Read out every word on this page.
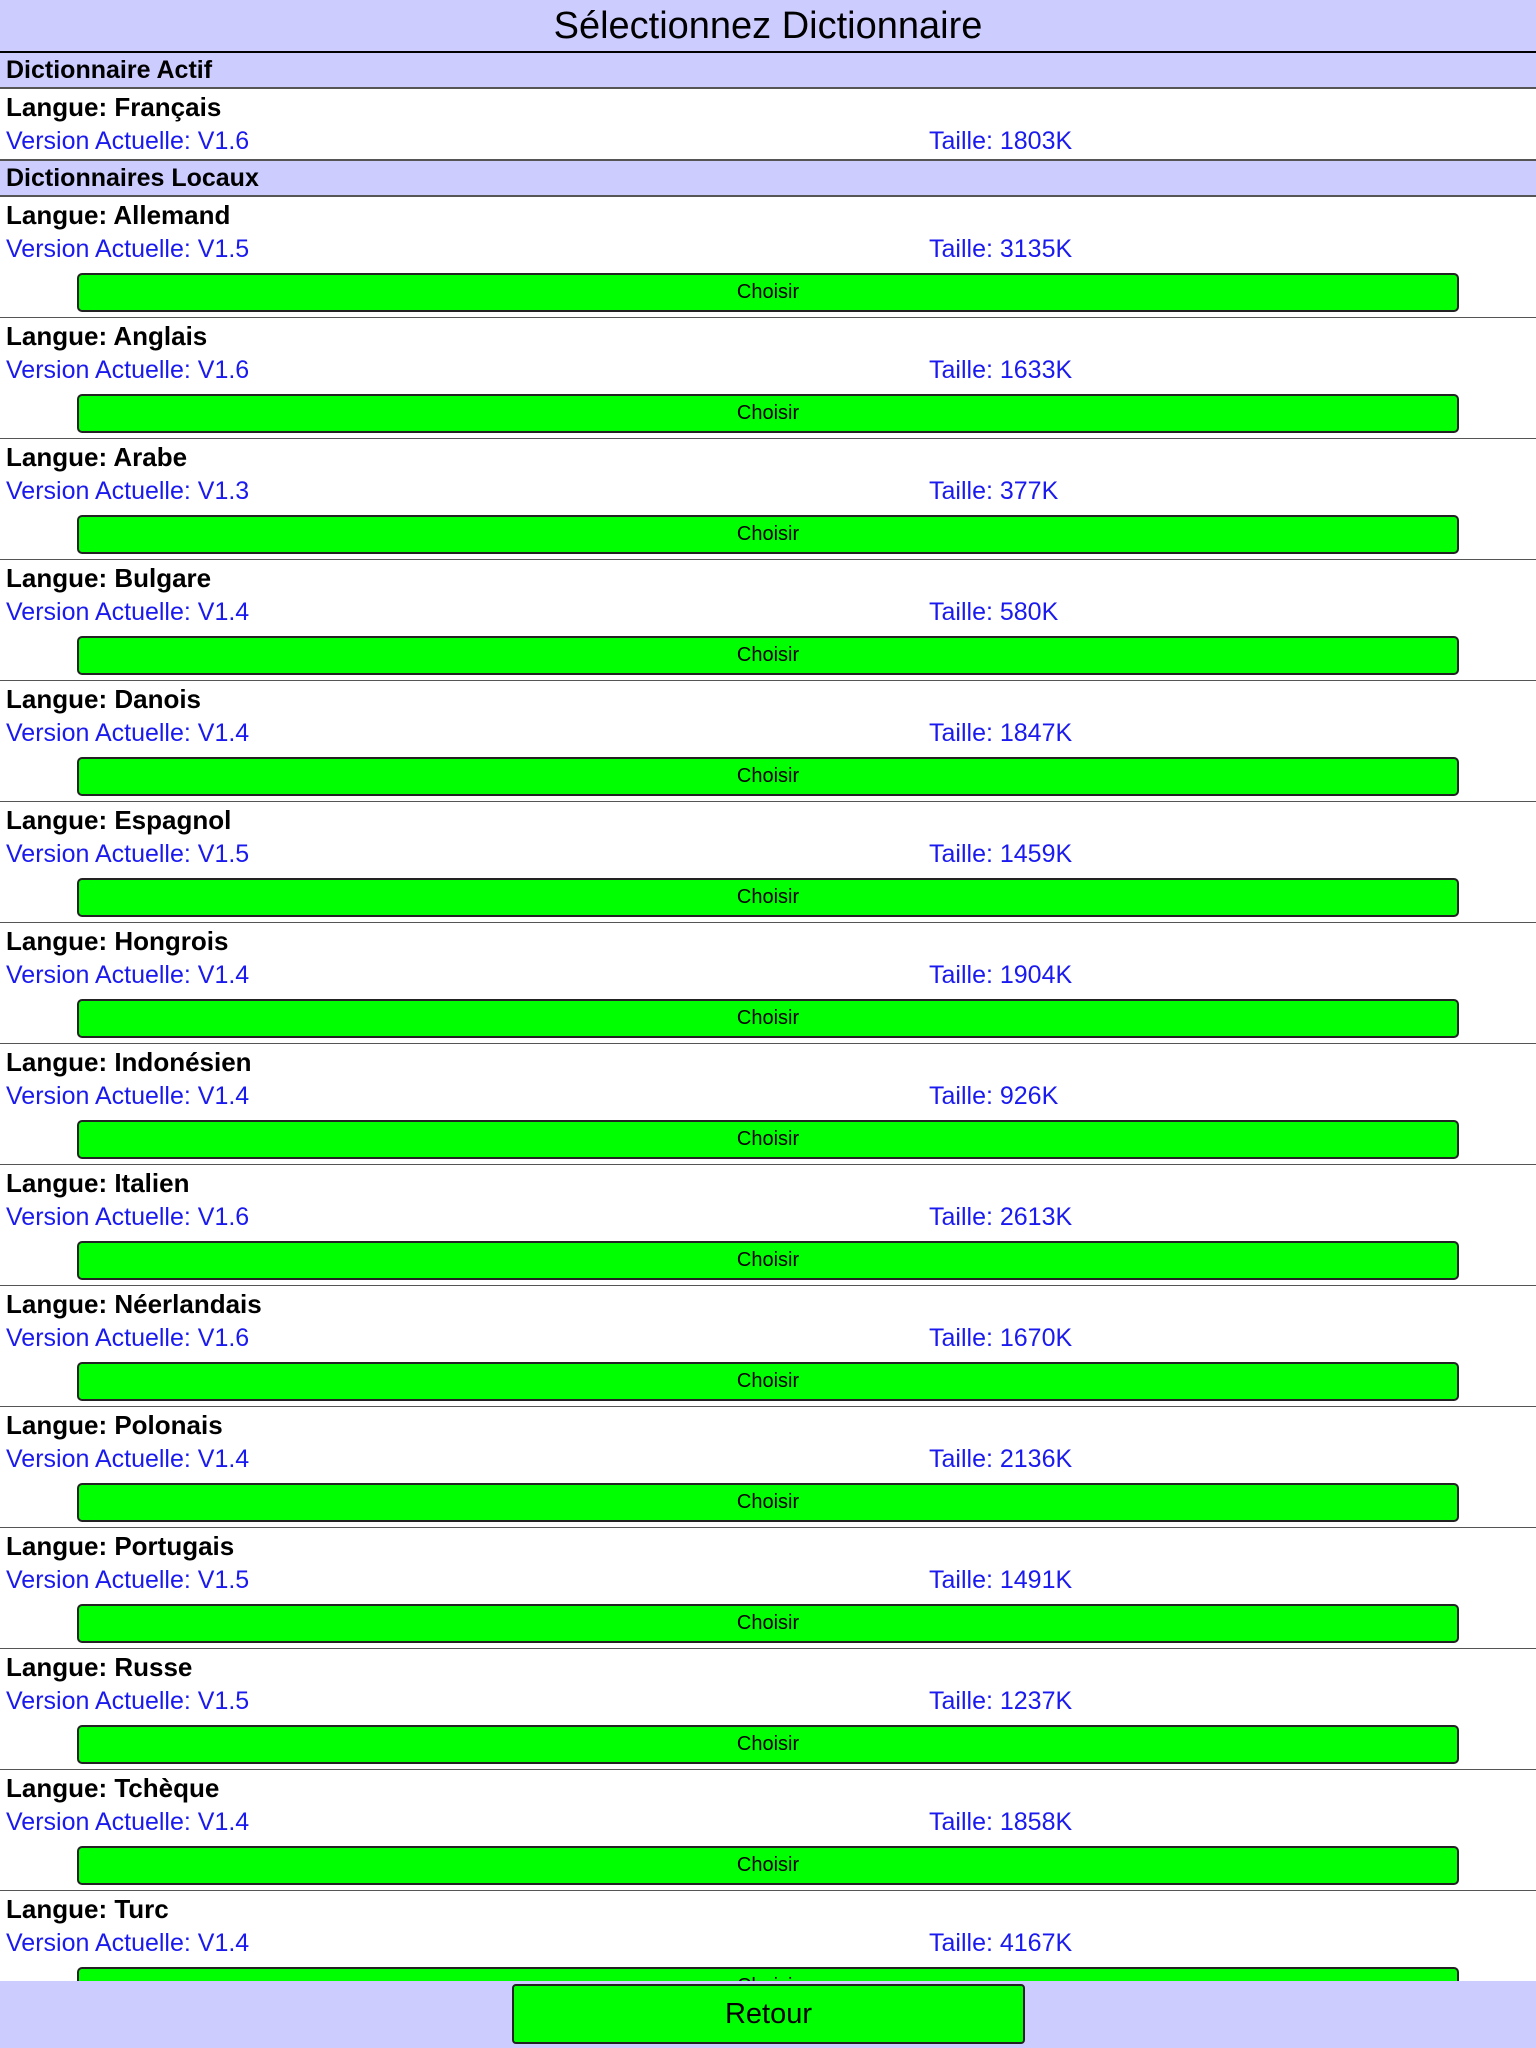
Sélectionnez Dictionnaire
Dictionnaire Actif
Langue: Français
Version Actuelle: V1.6	Taille: 1803K
Dictionnaires Locaux
Langue: Allemand
Version Actuelle: V1.5	Taille: 3135K
Choisir
Langue: Anglais
Version Actuelle: V1.6	Taille: 1633K
Choisir
Langue: Arabe
Version Actuelle: V1.3	Taille: 377K
Choisir
Langue: Bulgare
Version Actuelle: V1.4	Taille: 580K
Choisir
Langue: Danois
Version Actuelle: V1.4	Taille: 1847K
Choisir
Langue: Espagnol
Version Actuelle: V1.5	Taille: 1459K
Choisir
Langue: Hongrois
Version Actuelle: V1.4	Taille: 1904K
Choisir
Langue: Indonésien
Version Actuelle: V1.4	Taille: 926K
Choisir
Langue: Italien
Version Actuelle: V1.6	Taille: 2613K
Choisir
Langue: Néerlandais
Version Actuelle: V1.6	Taille: 1670K
Choisir
Langue: Polonais
Version Actuelle: V1.4	Taille: 2136K
Choisir
Langue: Portugais
Version Actuelle: V1.5	Taille: 1491K
Choisir
Langue: Russe
Version Actuelle: V1.5	Taille: 1237K
Choisir
Langue: Tchèque
Version Actuelle: V1.4	Taille: 1858K
Choisir
Langue: Turc
Version Actuelle: V1.4	Taille: 4167K
Retour
